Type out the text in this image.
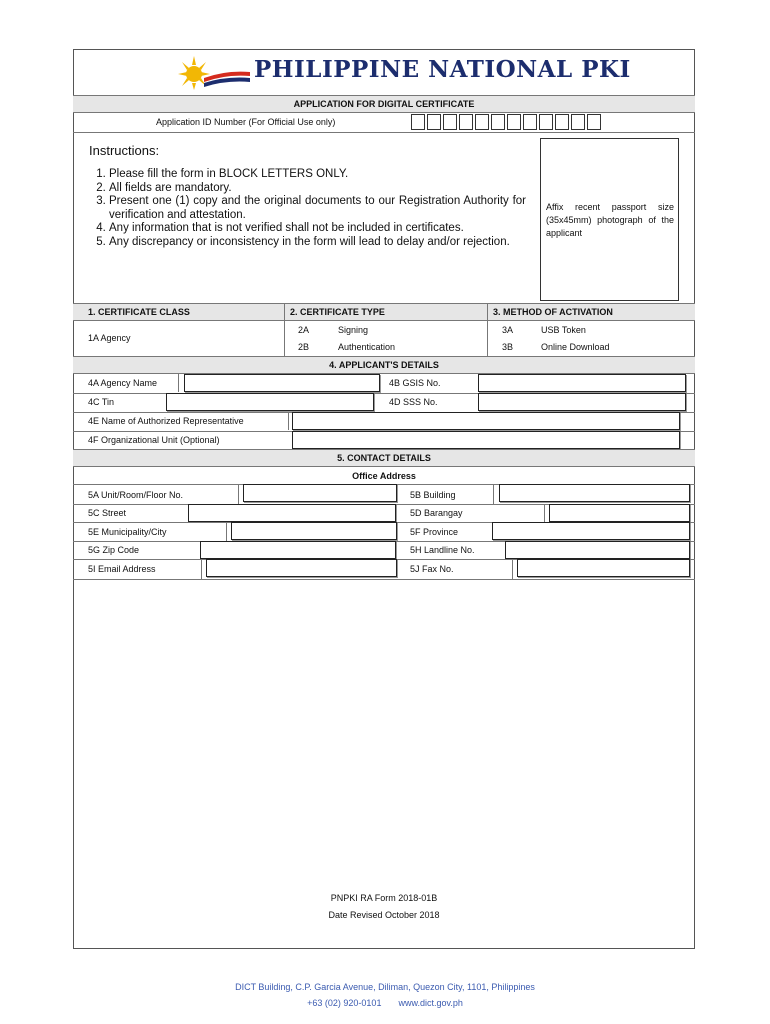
PHILIPPINE NATIONAL PKI
APPLICATION FOR DIGITAL CERTIFICATE
Application ID Number (For Official Use only)
Instructions:
1. Please fill the form in BLOCK LETTERS ONLY.
2. All fields are mandatory.
3. Present one (1) copy and the original documents to our Registration Authority for verification and attestation.
4. Any information that is not verified shall not be included in certificates.
5. Any discrepancy or inconsistency in the form will lead to delay and/or rejection.
Affix recent passport size (35x45mm) photograph of the applicant
1. CERTIFICATE CLASS	2. CERTIFICATE TYPE	3. METHOD OF ACTIVATION
1A Agency
2A	Signing
2B	Authentication
3A	USB Token
3B	Online Download
4. APPLICANT'S DETAILS
4A Agency Name	4B GSIS No.
4C Tin	4D SSS No.
4E Name of Authorized Representative
4F Organizational Unit (Optional)
5. CONTACT DETAILS
Office Address
5A Unit/Room/Floor No.	5B Building
5C Street	5D Barangay
5E Municipality/City	5F Province
5G Zip Code	5H Landline No.
5I Email Address	5J Fax No.
PNPKI RA Form 2018-01B
Date Revised October 2018
DICT Building, C.P. Garcia Avenue, Diliman, Quezon City, 1101, Philippines
+63 (02) 920-0101 www.dict.gov.ph
